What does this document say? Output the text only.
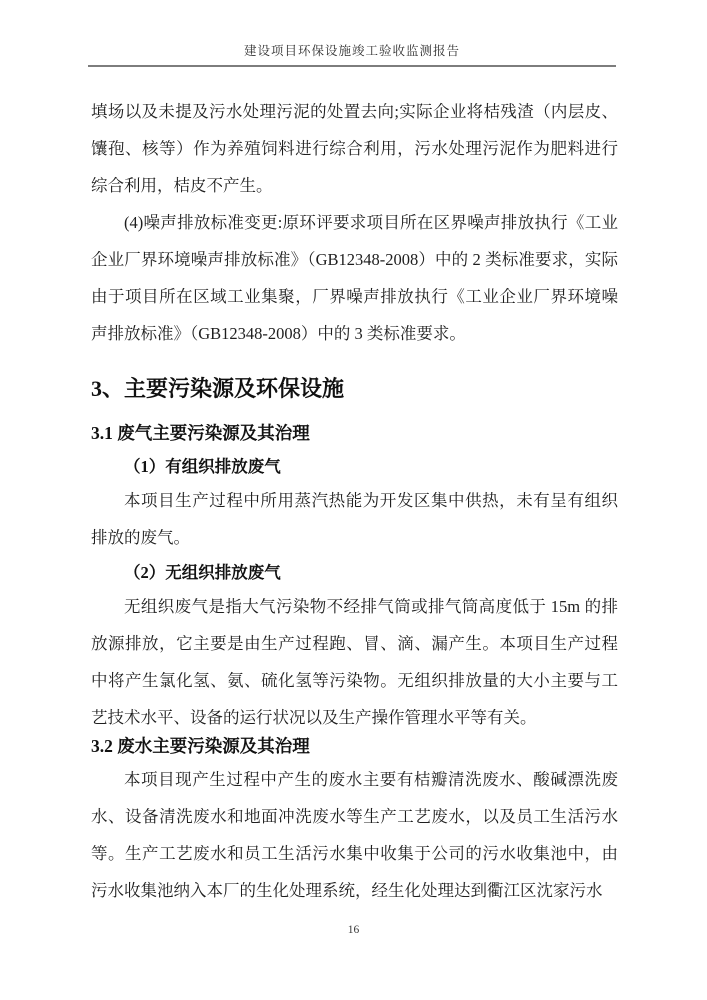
建设项目环保设施竣工验收监测报告

填场以及未提及污水处理污泥的处置去向;实际企业将桔残渣（内层皮、馕孢、核等）作为养殖饲料进行综合利用，污水处理污泥作为肥料进行综合利用，桔皮不产生。

(4)噪声排放标准变更:原环评要求项目所在区界噪声排放执行《工业企业厂界环境噪声排放标准》（GB12348-2008）中的 2 类标准要求，实际由于项目所在区域工业集聚，厂界噪声排放执行《工业企业厂界环境噪声排放标准》（GB12348-2008）中的 3 类标准要求。

3、主要污染源及环保设施
3.1 废气主要污染源及其治理
（1）有组织排放废气

本项目生产过程中所用蒸汽热能为开发区集中供热，未有呈有组织排放的废气。

（2）无组织排放废气

无组织废气是指大气污染物不经排气筒或排气筒高度低于 15m 的排放源排放，它主要是由生产过程跑、冒、滴、漏产生。本项目生产过程中将产生氯化氢、氨、硫化氢等污染物。无组织排放量的大小主要与工艺技术水平、设备的运行状况以及生产操作管理水平等有关。

3.2 废水主要污染源及其治理

本项目现产生过程中产生的废水主要有桔瓣清洗废水、酸碱漂洗废水、设备清洗废水和地面冲洗废水等生产工艺废水，以及员工生活污水等。生产工艺废水和员工生活污水集中收集于公司的污水收集池中，由污水收集池纳入本厂的生化处理系统，经生化处理达到衢江区沈家污水

16
